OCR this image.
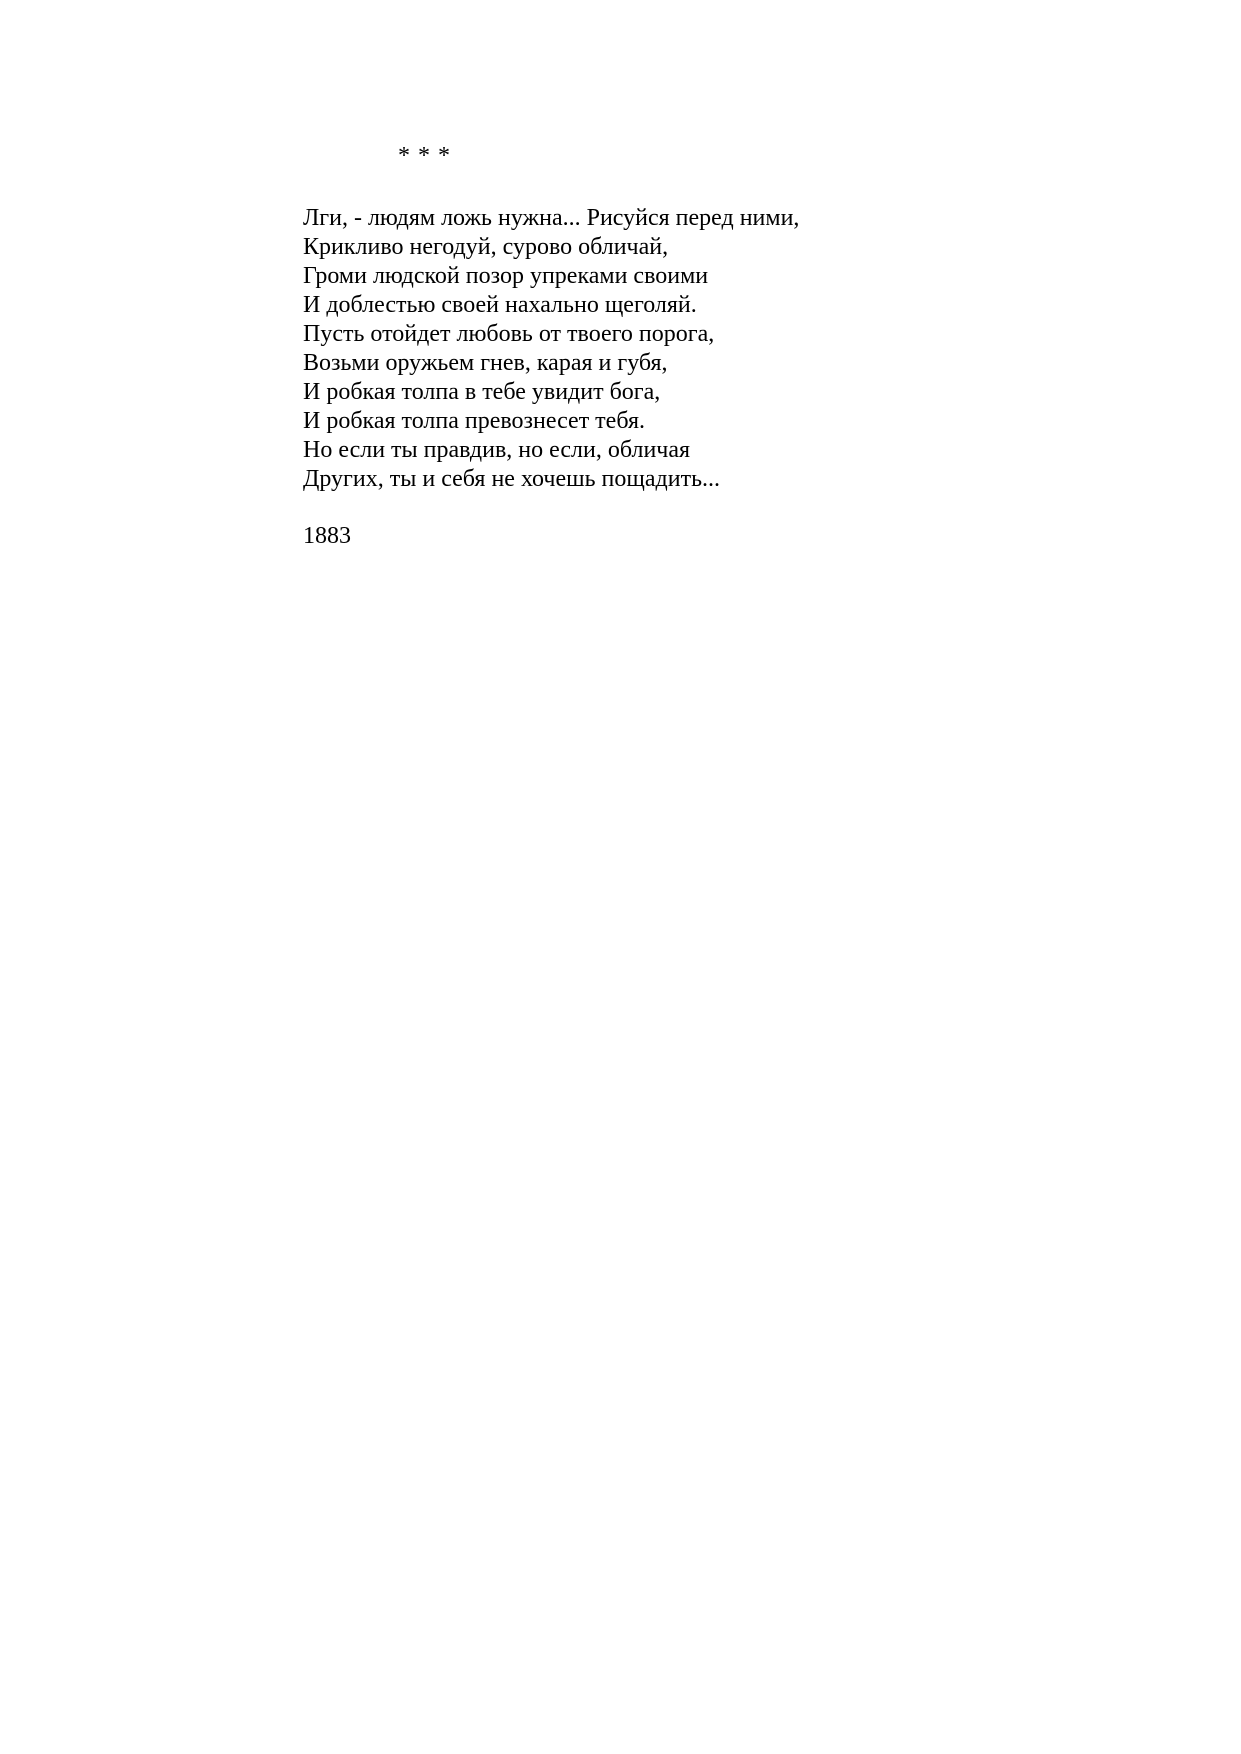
* * *
Лги, - людям ложь нужна... Рисуйся перед ними,
Крикливо негодуй, сурово обличай,
Громи людской позор упреками своими
И доблестью своей нахально щеголяй.
Пусть отойдет любовь от твоего порога,
Возьми оружьем гнев, карая и губя,
И робкая толпа в тебе увидит бога,
И робкая толпа превознесет тебя.
Но если ты правдив, но если, обличая
Других, ты и себя не хочешь пощадить...
1883
